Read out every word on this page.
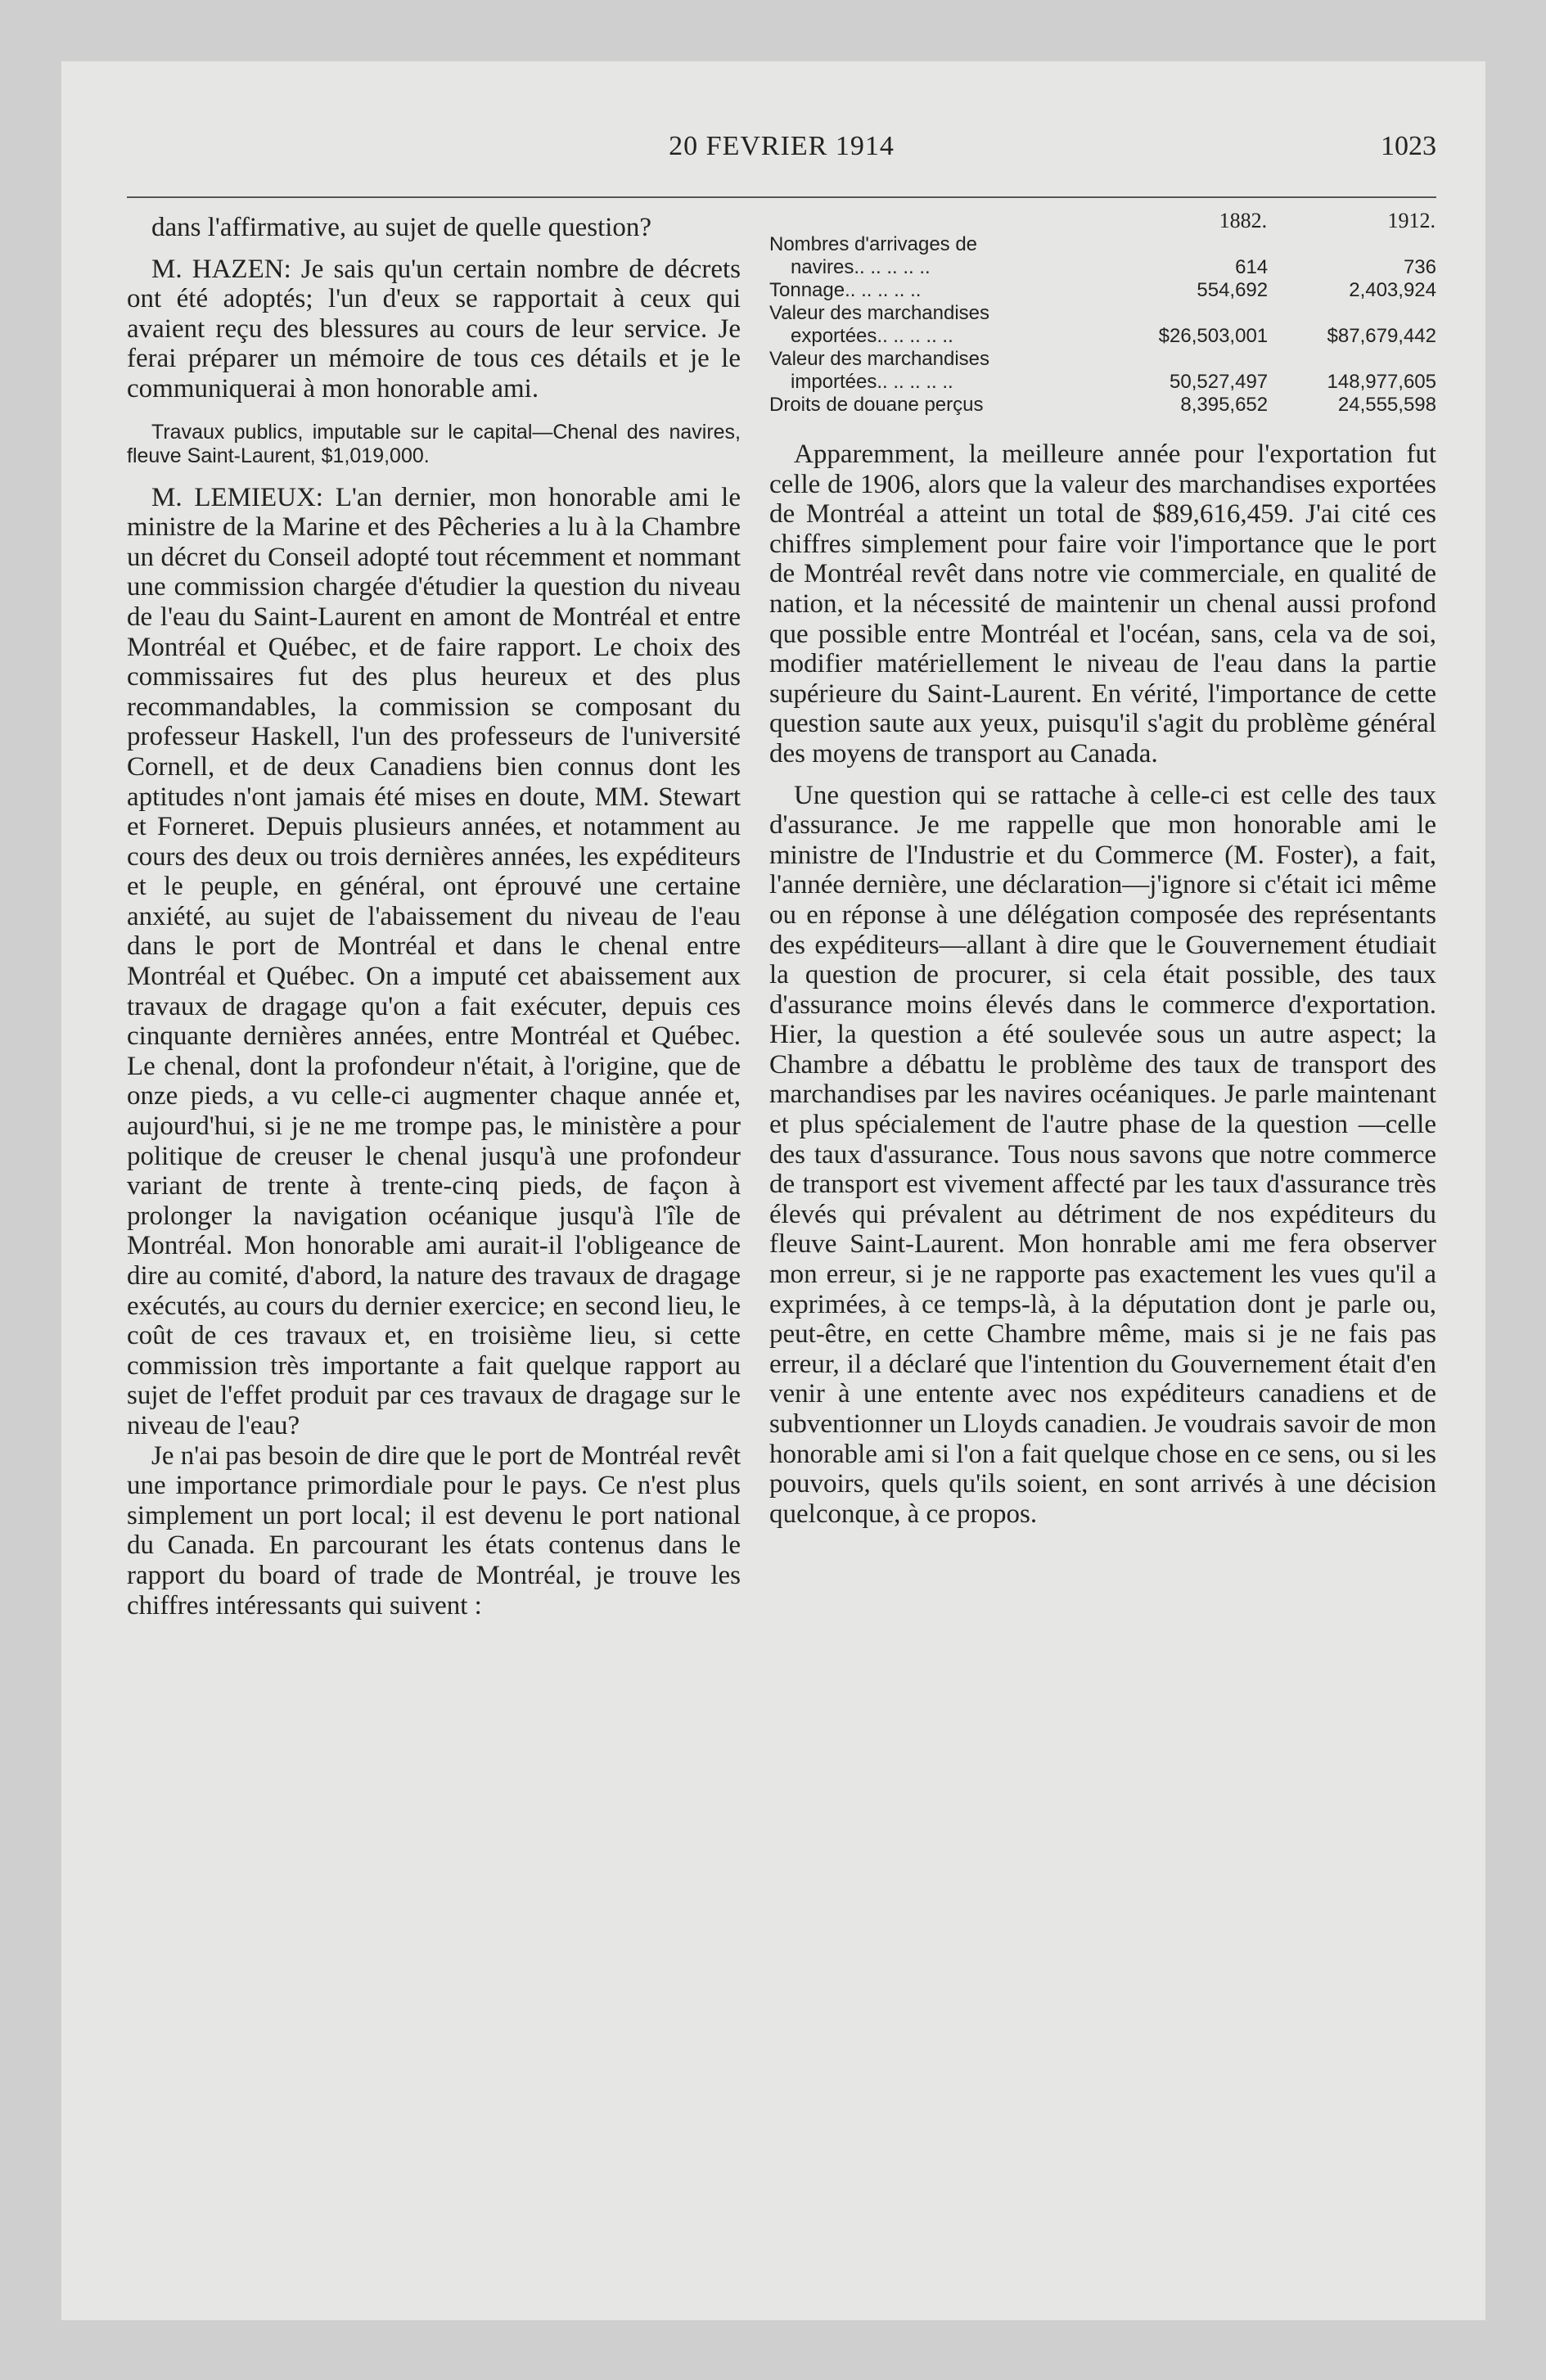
20 FEVRIER 1914	1023

dans l'affirmative, au sujet de quelle question?

M. HAZEN: Je sais qu'un certain nombre de décrets ont été adoptés; l'un d'eux se rapportait à ceux qui avaient reçu des blessures au cours de leur service. Je ferai préparer un mémoire de tous ces détails et je le communiquerai à mon honorable ami.

Travaux publics, imputable sur le capital—Chenal des navires, fleuve Saint-Laurent, $1,019,000.

M. LEMIEUX: L'an dernier, mon honorable ami le ministre de la Marine et des Pêcheries a lu à la Chambre un décret du Conseil adopté tout récemment et nommant une commission chargée d'étudier la question du niveau de l'eau du Saint-Laurent en amont de Montréal et entre Montréal et Québec, et de faire rapport. Le choix des commissaires fut des plus heureux et des plus recommandables, la commission se composant du professeur Haskell, l'un des professeurs de l'université Cornell, et de deux Canadiens bien connus dont les aptitudes n'ont jamais été mises en doute, MM. Stewart et Forneret. Depuis plusieurs années, et notamment au cours des deux ou trois dernières années, les expéditeurs et le peuple, en général, ont éprouvé une certaine anxiété, au sujet de l'abaissement du niveau de l'eau dans le port de Montréal et dans le chenal entre Montréal et Québec. On a imputé cet abaissement aux travaux de dragage qu'on a fait exécuter, depuis ces cinquante dernières années, entre Montréal et Québec. Le chenal, dont la profondeur n'était, à l'origine, que de onze pieds, a vu celle-ci augmenter chaque année et, aujourd'hui, si je ne me trompe pas, le ministère a pour politique de creuser le chenal jusqu'à une profondeur variant de trente à trente-cinq pieds, de façon à prolonger la navigation océanique jusqu'à l'île de Montréal. Mon honorable ami aurait-il l'obligeance de dire au comité, d'abord, la nature des travaux de dragage exécutés, au cours du dernier exercice; en second lieu, le coût de ces travaux et, en troisième lieu, si cette commission très importante a fait quelque rapport au sujet de l'effet produit par ces travaux de dragage sur le niveau de l'eau?

Je n'ai pas besoin de dire que le port de Montréal revêt une importance primordiale pour le pays. Ce n'est plus simplement un port local; il est devenu le port national du Canada. En parcourant les états contenus dans le rapport du board of trade de Montréal, je trouve les chiffres intéressants qui suivent :

	1882.	1912.
Nombres d'arrivages de		
navires.. .. .. .. ..	614	736
Tonnage.. .. .. .. ..	554,692	2,403,924
Valeur des marchandises		
exportées.. .. .. .. ..	$26,503,001	$87,679,442
Valeur des marchandises		
importées.. .. .. .. ..	50,527,497	148,977,605
Droits de douane perçus	8,395,652	24,555,598

Apparemment, la meilleure année pour l'exportation fut celle de 1906, alors que la valeur des marchandises exportées de Montréal a atteint un total de $89,616,459. J'ai cité ces chiffres simplement pour faire voir l'importance que le port de Montréal revêt dans notre vie commerciale, en qualité de nation, et la nécessité de maintenir un chenal aussi profond que possible entre Montréal et l'océan, sans, cela va de soi, modifier matériellement le niveau de l'eau dans la partie supérieure du Saint-Laurent. En vérité, l'importance de cette question saute aux yeux, puisqu'il s'agit du problème général des moyens de transport au Canada.

Une question qui se rattache à celle-ci est celle des taux d'assurance. Je me rappelle que mon honorable ami le ministre de l'Industrie et du Commerce (M. Foster), a fait, l'année dernière, une déclaration—j'ignore si c'était ici même ou en réponse à une délégation composée des représentants des expéditeurs—allant à dire que le Gouvernement étudiait la question de procurer, si cela était possible, des taux d'assurance moins élevés dans le commerce d'exportation. Hier, la question a été soulevée sous un autre aspect; la Chambre a débattu le problème des taux de transport des marchandises par les navires océaniques. Je parle maintenant et plus spécialement de l'autre phase de la question —celle des taux d'assurance. Tous nous savons que notre commerce de transport est vivement affecté par les taux d'assurance très élevés qui prévalent au détriment de nos expéditeurs du fleuve Saint-Laurent. Mon honrable ami me fera observer mon erreur, si je ne rapporte pas exactement les vues qu'il a exprimées, à ce temps-là, à la députation dont je parle ou, peut-être, en cette Chambre même, mais si je ne fais pas erreur, il a déclaré que l'intention du Gouvernement était d'en venir à une entente avec nos expéditeurs canadiens et de subventionner un Lloyds canadien. Je voudrais savoir de mon honorable ami si l'on a fait quelque chose en ce sens, ou si les pouvoirs, quels qu'ils soient, en sont arrivés à une décision quelconque, à ce propos.
